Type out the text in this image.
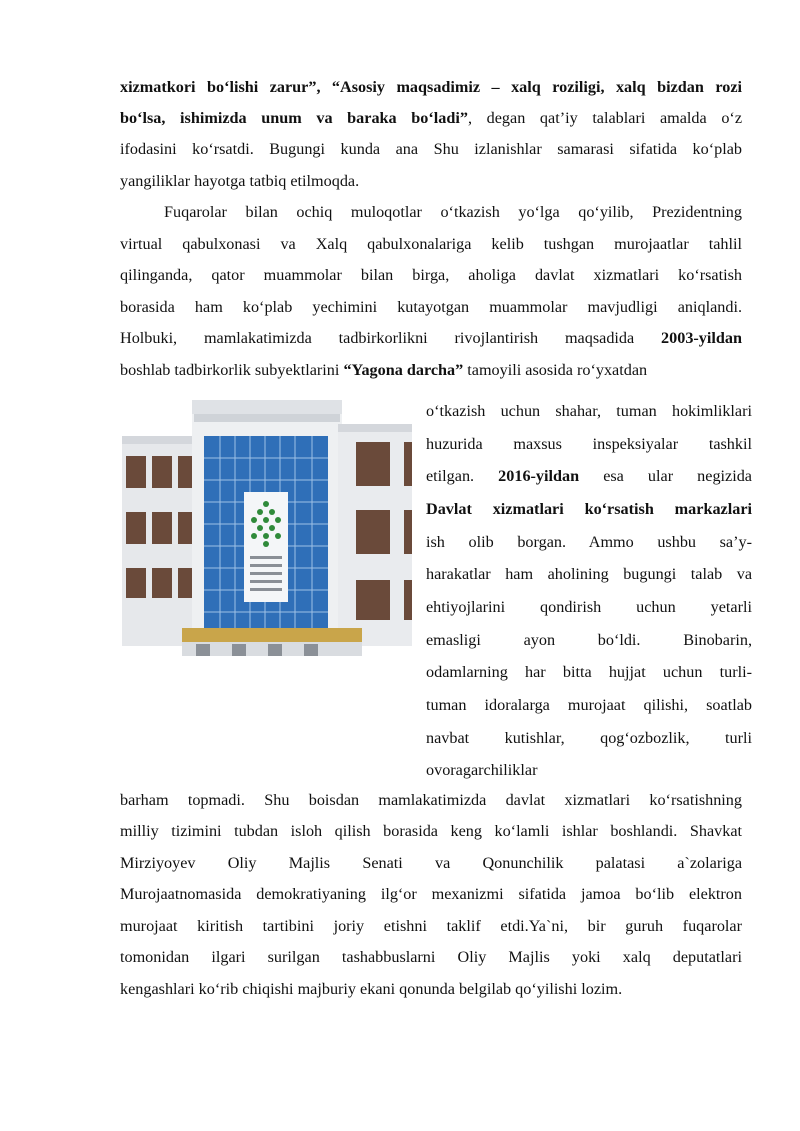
xizmatkori bo‘lishi zarur”, “Asosiy maqsadimiz – xalq roziligi, xalq bizdan rozi
bo‘lsa, ishimizda unum va baraka bo‘ladi”, degan qat’iy talablari amalda o‘z
ifodasini ko‘rsatdi. Bugungi kunda ana Shu izlanishlar samarasi sifatida ko‘plab
yangiliklar hayotga tatbiq etilmoqda.
Fuqarolar bilan ochiq muloqotlar o‘tkazish yo‘lga qo‘yilib, Prezidentning
virtual qabulxonasi va Xalq qabulxonalariga kelib tushgan murojaatlar tahlil
qilinganda, qator muammolar bilan birga, aholiga davlat xizmatlari ko‘rsatish
borasida ham ko‘plab yechimini kutayotgan muammolar mavjudligi aniqlandi.
Holbuki, mamlakatimizda tadbirkorlikni rivojlantirish maqsadida 2003-yildan
boshlab tadbirkorlik subyektlarini “Yagona darcha” tamoyili asosida ro‘yxatdan
o‘tkazish uchun shahar, tuman hokimliklari
huzurida maxsus inspeksiyalar tashkil
etilgan. 2016-yildan esa ular negizida
Davlat xizmatlari ko‘rsatish markazlari
ish olib borgan. Ammo ushbu sa’y-
harakatlar ham aholining bugungi talab va
ehtiyojlarini qondirish uchun yetarli
emasligi ayon bo‘ldi. Binobarin,
odamlarning har bitta hujjat uchun turli-
tuman idoralarga murojaat qilishi, soatlab
navbat kutishlar, qog‘ozbozlik, turli
ovoragarchiliklar
barham topmadi. Shu boisdan mamlakatimizda davlat xizmatlari ko‘rsatishning
milliy tizimini tubdan isloh qilish borasida keng ko‘lamli ishlar boshlandi. Shavkat
Mirziyoyev Oliy Majlis Senati va Qonunchilik palatasi a`zolariga
Murojaatnomasida demokratiyaning ilg‘or mexanizmi sifatida jamoa bo‘lib elektron
murojaat kiritish tartibini joriy etishni taklif etdi.Ya`ni, bir guruh fuqarolar
tomonidan ilgari surilgan tashabbuslarni Oliy Majlis yoki xalq deputatlari
kengashlari ko‘rib chiqishi majburiy ekani qonunda belgilab qo‘yilishi lozim.
